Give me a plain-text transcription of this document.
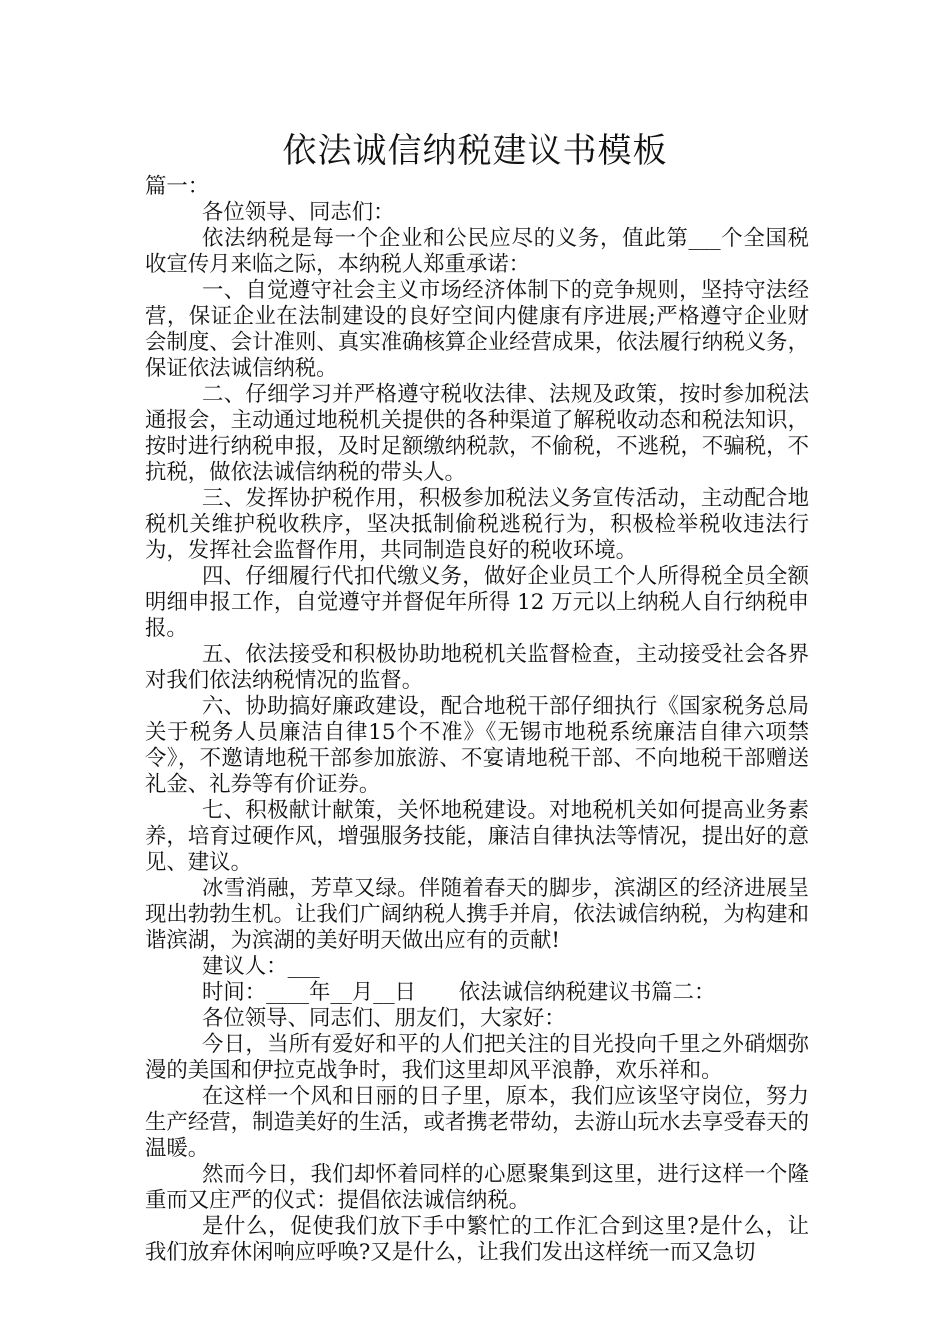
依法诚信纳税建议书模板

篇一：

各位领导、同志们：

依法纳税是每一个企业和公民应尽的义务，值此第___个全国税收宣传月来临之际，本纳税人郑重承诺：

一、自觉遵守社会主义市场经济体制下的竞争规则，坚持守法经营，保证企业在法制建设的良好空间内健康有序进展;严格遵守企业财会制度、会计准则、真实准确核算企业经营成果，依法履行纳税义务，保证依法诚信纳税。

二、仔细学习并严格遵守税收法律、法规及政策，按时参加税法通报会，主动通过地税机关提供的各种渠道了解税收动态和税法知识，按时进行纳税申报，及时足额缴纳税款，不偷税，不逃税，不骗税，不抗税，做依法诚信纳税的带头人。

三、发挥协护税作用，积极参加税法义务宣传活动，主动配合地税机关维护税收秩序，坚决抵制偷税逃税行为，积极检举税收违法行为，发挥社会监督作用，共同制造良好的税收环境。

四、仔细履行代扣代缴义务，做好企业员工个人所得税全员全额明细申报工作，自觉遵守并督促年所得 12 万元以上纳税人自行纳税申报。

五、依法接受和积极协助地税机关监督检查，主动接受社会各界对我们依法纳税情况的监督。

六、协助搞好廉政建设，配合地税干部仔细执行《国家税务总局关于税务人员廉洁自律15个不准》《无锡市地税系统廉洁自律六项禁令》，不邀请地税干部参加旅游、不宴请地税干部、不向地税干部赠送礼金、礼券等有价证券。

七、积极献计献策，关怀地税建设。对地税机关如何提高业务素养，培育过硬作风，增强服务技能，廉洁自律执法等情况，提出好的意见、建议。

冰雪消融，芳草又绿。伴随着春天的脚步，滨湖区的经济进展呈现出勃勃生机。让我们广阔纳税人携手并肩，依法诚信纳税，为构建和谐滨湖，为滨湖的美好明天做出应有的贡献!

建议人：___

时间：____年__月__日　　依法诚信纳税建议书篇二：

各位领导、同志们、朋友们，大家好：

今日，当所有爱好和平的人们把关注的目光投向千里之外硝烟弥漫的美国和伊拉克战争时，我们这里却风平浪静，欢乐祥和。

在这样一个风和日丽的日子里，原本，我们应该坚守岗位，努力生产经营，制造美好的生活，或者携老带幼，去游山玩水去享受春天的温暖。

然而今日，我们却怀着同样的心愿聚集到这里，进行这样一个隆重而又庄严的仪式：提倡依法诚信纳税。

是什么，促使我们放下手中繁忙的工作汇合到这里?是什么，让我们放弃休闲响应呼唤?又是什么，让我们发出这样统一而又急切
